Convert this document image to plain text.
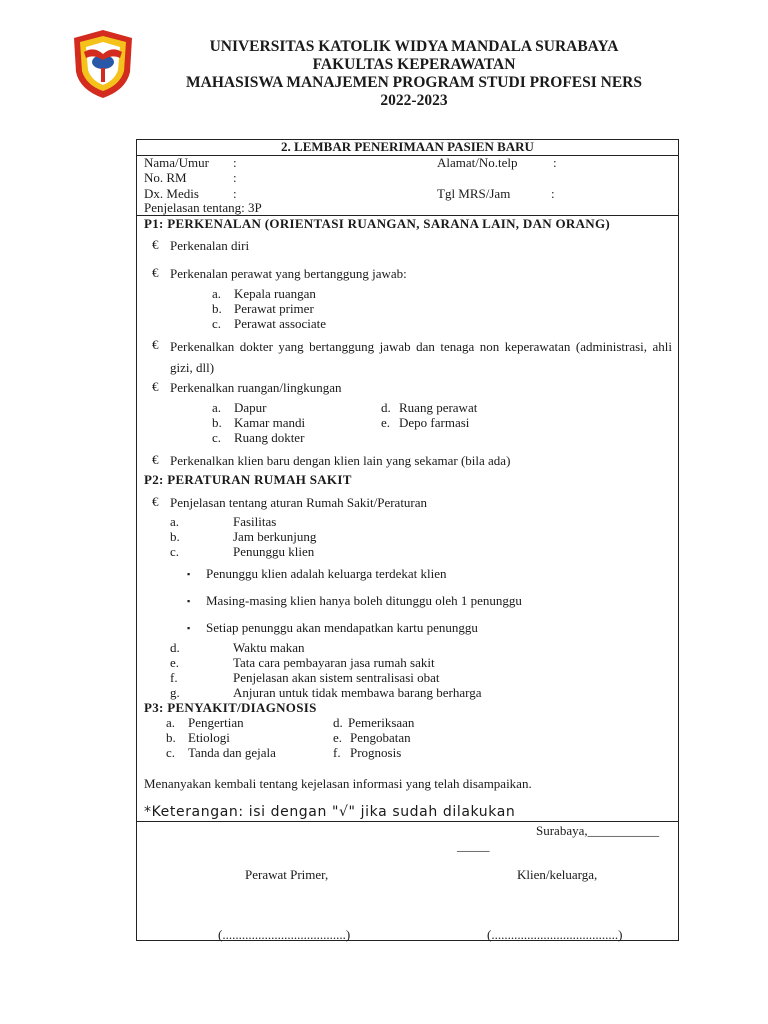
UNIVERSITAS KATOLIK WIDYA MANDALA SURABAYA
FAKULTAS KEPERAWATAN
MAHASISWA MANAJEMEN PROGRAM STUDI PROFESI NERS
2022-2023
2. LEMBAR PENERIMAAN PASIEN BARU
Nama/Umur :	Alamat/No.telp	:
No. RM	:
Dx. Medis	:	Tgl MRS/Jam	:
Penjelasan tentang: 3P
P1: PERKENALAN (ORIENTASI RUANGAN, SARANA LAIN, DAN ORANG)
€ Perkenalan diri
€ Perkenalan perawat yang bertanggung jawab:
a. Kepala ruangan
b. Perawat primer
c. Perawat associate
€ Perkenalkan dokter yang bertanggung jawab dan tenaga non keperawatan (administrasi, ahli gizi, dll)
€ Perkenalkan ruangan/lingkungan
a. Dapur
b. Kamar mandi
c. Ruang dokter
d. Ruang perawat
e. Depo farmasi
€ Perkenalkan klien baru dengan klien lain yang sekamar (bila ada)
P2: PERATURAN RUMAH SAKIT
€ Penjelasan tentang aturan Rumah Sakit/Peraturan
a.	Fasilitas
b.	Jam berkunjung
c.	Penunggu klien
▪ Penunggu klien adalah keluarga terdekat klien
▪ Masing-masing klien hanya boleh ditunggu oleh 1 penunggu
▪ Setiap penunggu akan mendapatkan kartu penunggu
d.	Waktu makan
e.	Tata cara pembayaran jasa rumah sakit
f.	Penjelasan akan sistem sentralisasi obat
g.	Anjuran untuk tidak membawa barang berharga
P3: PENYAKIT/DIAGNOSIS
a. Pengertian
b. Etiologi
c. Tanda dan gejala
d. Pemeriksaan
e. Pengobatan
f. Prognosis
Menanyakan kembali tentang kejelasan informasi yang telah disampaikan.
*Keterangan: isi dengan "√" jika sudah dilakukan
Surabaya,___________
_____
Perawat Primer,	Klien/keluarga,
(......................................)	(.......................................)
